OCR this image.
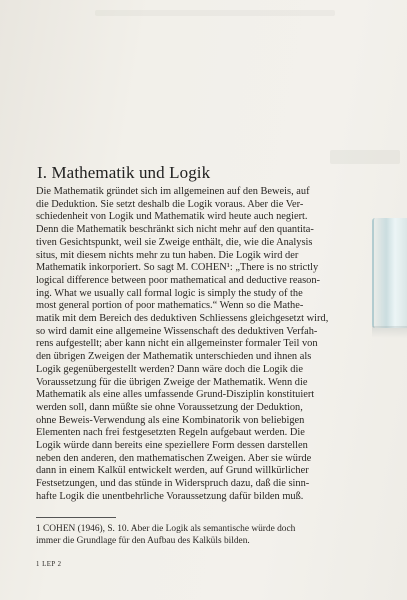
I. Mathematik und Logik
Die Mathematik gründet sich im allgemeinen auf den Beweis, auf
die Deduktion. Sie setzt deshalb die Logik voraus. Aber die Ver-
schiedenheit von Logik und Mathematik wird heute auch negiert.
Denn die Mathematik beschränkt sich nicht mehr auf den quantita-
tiven Gesichtspunkt, weil sie Zweige enthält, die, wie die Analysis
situs, mit diesem nichts mehr zu tun haben. Die Logik wird der
Mathematik inkorporiert. So sagt M. COHEN¹: „There is no strictly
logical difference between poor mathematical and deductive reason-
ing. What we usually call formal logic is simply the study of the
most general portion of poor mathematics.“ Wenn so die Mathe-
matik mit dem Bereich des deduktiven Schliessens gleichgesetzt wird,
so wird damit eine allgemeine Wissenschaft des deduktiven Verfah-
rens aufgestellt; aber kann nicht ein allgemeinster formaler Teil von
den übrigen Zweigen der Mathematik unterschieden und ihnen als
Logik gegenübergestellt werden? Dann wäre doch die Logik die
Voraussetzung für die übrigen Zweige der Mathematik. Wenn die
Mathematik als eine alles umfassende Grund-Disziplin konstituiert
werden soll, dann müßte sie ohne Voraussetzung der Deduktion,
ohne Beweis-Verwendung als eine Kombinatorik von beliebigen
Elementen nach frei festgesetzten Regeln aufgebaut werden. Die
Logik würde dann bereits eine speziellere Form dessen darstellen
neben den anderen, den mathematischen Zweigen. Aber sie würde
dann in einem Kalkül entwickelt werden, auf Grund willkürlicher
Festsetzungen, und das stünde in Widerspruch dazu, daß die sinn-
hafte Logik die unentbehrliche Voraussetzung dafür bilden muß.
1 COHEN (1946), S. 10. Aber die Logik als semantische würde doch
immer die Grundlage für den Aufbau des Kalküls bilden.
1 LEP 2
